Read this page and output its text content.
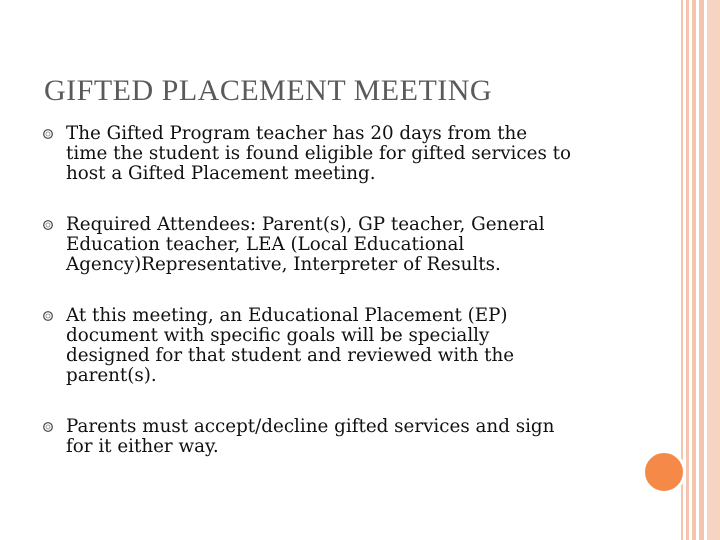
GIFTED PLACEMENT MEETING
The Gifted Program teacher has 20 days from the
time the student is found eligible for gifted services to
host a Gifted Placement meeting.
Required Attendees: Parent(s), GP teacher, General
Education teacher, LEA (Local Educational
Agency)Representative, Interpreter of Results.
At this meeting, an Educational Placement (EP)
document with specific goals will be specially
designed for that student and reviewed with the
parent(s).
Parents must accept/decline gifted services and sign
for it either way.
